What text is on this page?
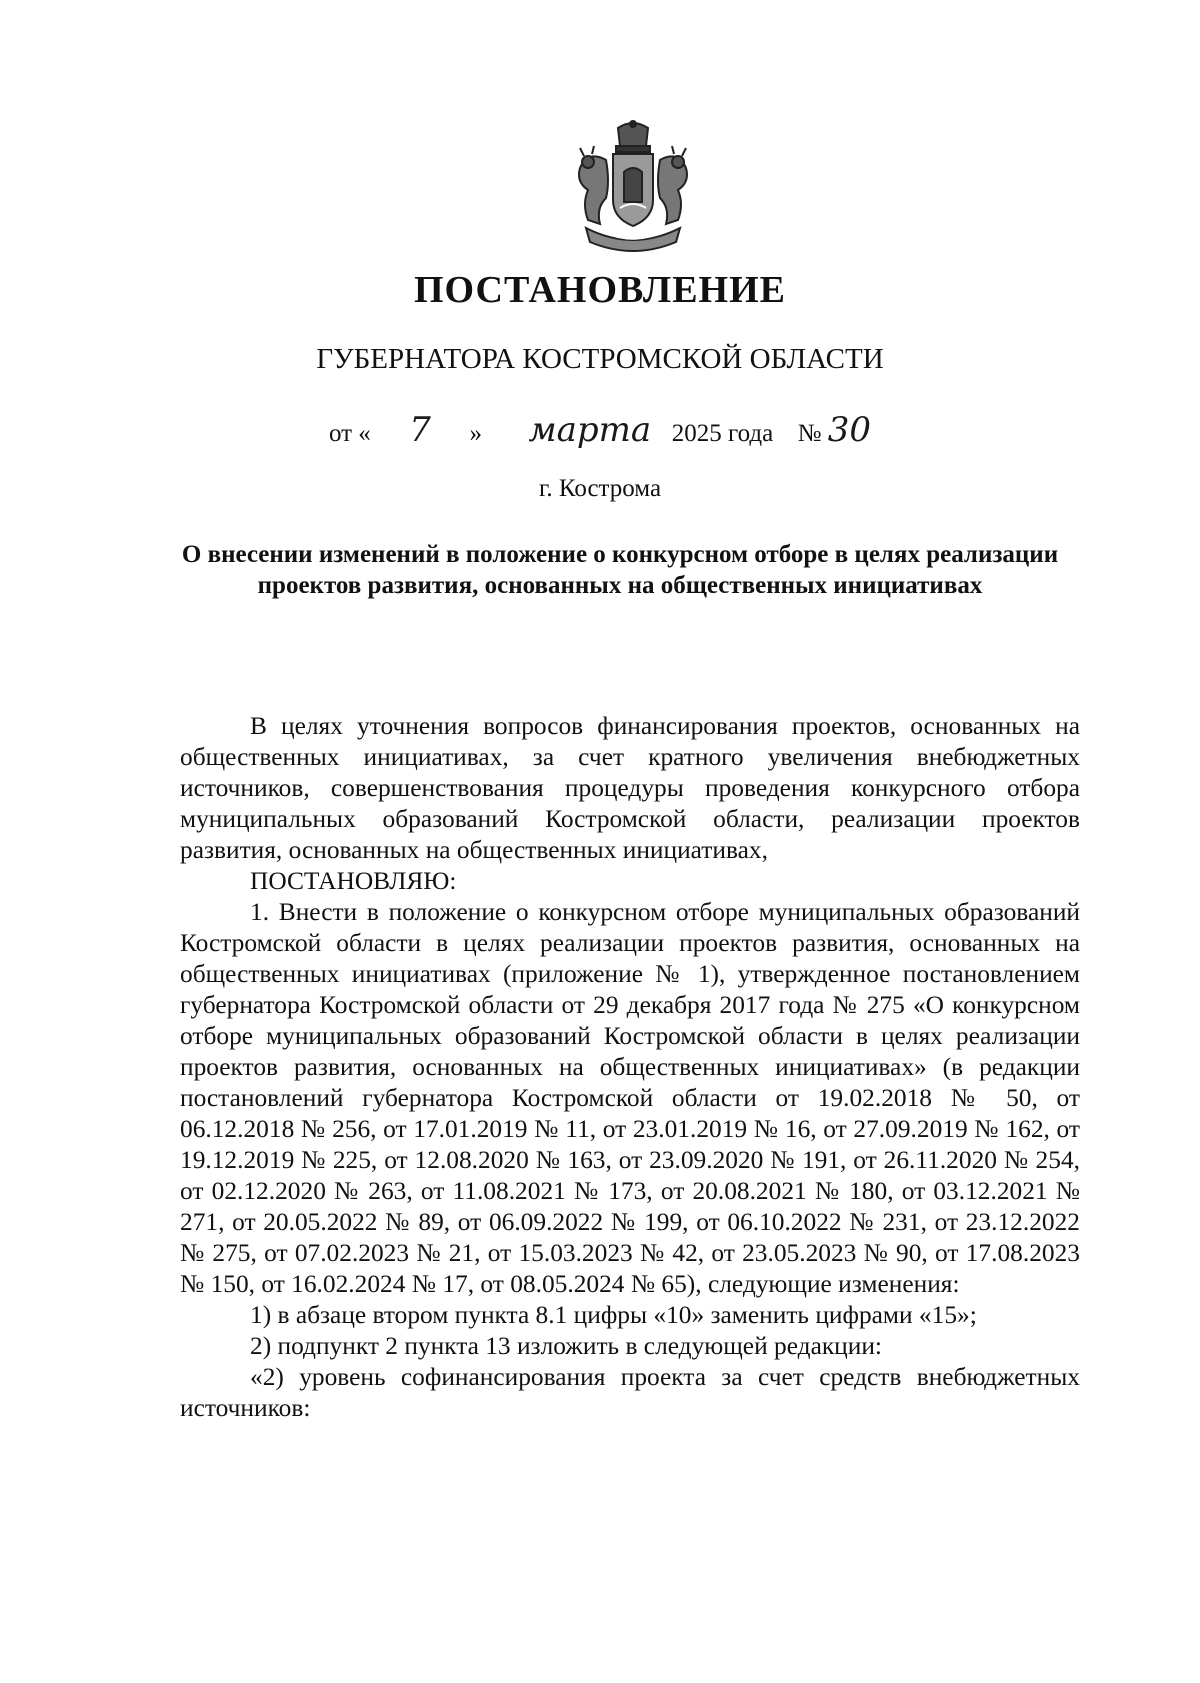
ПОСТАНОВЛЕНИЕ
ГУБЕРНАТОРА КОСТРОМСКОЙ ОБЛАСТИ
от « 7 » марта 2025 года № 30
г. Кострома
О внесении изменений в положение о конкурсном отборе в целях реализации проектов развития, основанных на общественных инициативах

В целях уточнения вопросов финансирования проектов, основанных на общественных инициативах, за счет кратного увеличения внебюджетных источников, совершенствования процедуры проведения конкурсного отбора муниципальных образований Костромской области, реализации проектов развития, основанных на общественных инициативах,

ПОСТАНОВЛЯЮ:

1. Внести в положение о конкурсном отборе муниципальных образований Костромской области в целях реализации проектов развития, основанных на общественных инициативах (приложение № 1), утвержденное постановлением губернатора Костромской области от 29 декабря 2017 года № 275 «О конкурсном отборе муниципальных образований Костромской области в целях реализации проектов развития, основанных на общественных инициативах» (в редакции постановлений губернатора Костромской области от 19.02.2018 № 50, от 06.12.2018 № 256, от 17.01.2019 № 11, от 23.01.2019 № 16, от 27.09.2019 № 162, от 19.12.2019 № 225, от 12.08.2020 № 163, от 23.09.2020 № 191, от 26.11.2020 № 254, от 02.12.2020 № 263, от 11.08.2021 № 173, от 20.08.2021 № 180, от 03.12.2021 № 271, от 20.05.2022 № 89, от 06.09.2022 № 199, от 06.10.2022 № 231, от 23.12.2022 № 275, от 07.02.2023 № 21, от 15.03.2023 № 42, от 23.05.2023 № 90, от 17.08.2023 № 150, от 16.02.2024 № 17, от 08.05.2024 № 65), следующие изменения:

1) в абзаце втором пункта 8.1 цифры «10» заменить цифрами «15»;

2) подпункт 2 пункта 13 изложить в следующей редакции:

«2) уровень софинансирования проекта за счет средств внебюджетных источников:
